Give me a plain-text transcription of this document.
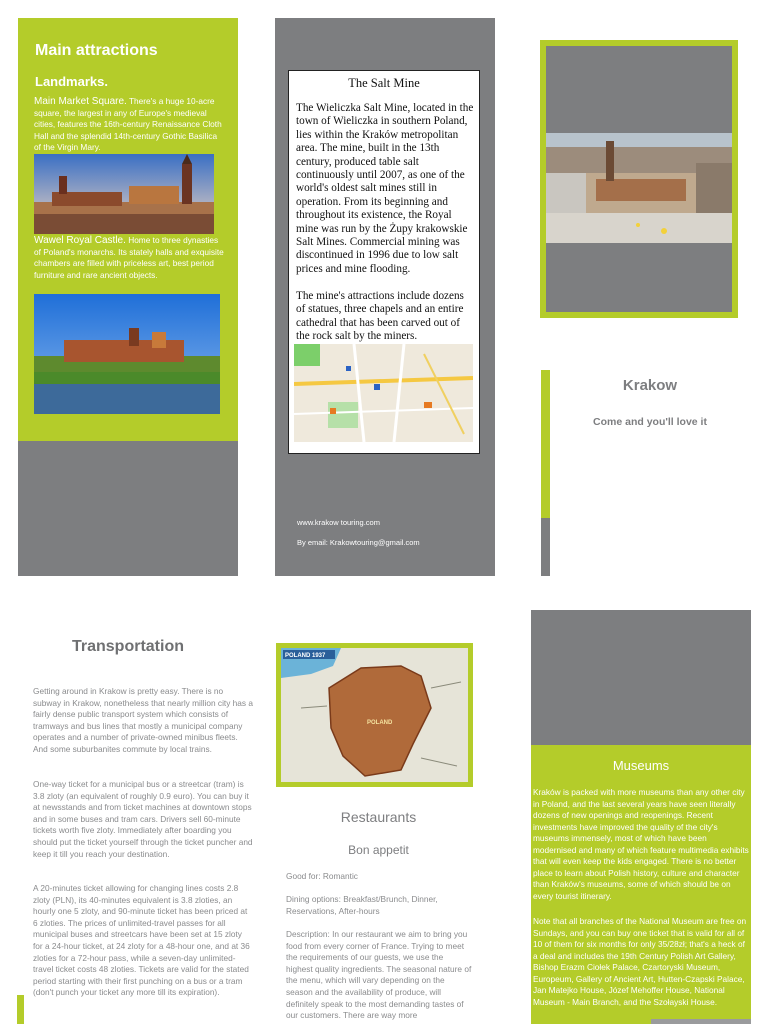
Main attractions
Landmarks.
Main Market Square. There's a huge 10-acre square, the largest in any of Europe's medieval cities, features the 16th-century Renaissance Cloth Hall and the splendid 14th-century Gothic Basilica of the Virgin Mary.
Wawel Royal Castle. Home to three dynasties of Poland's monarchs. Its stately halls and exquisite chambers are filled with priceless art, best period furniture and rare ancient objects.
The Salt Mine
The Wieliczka Salt Mine, located in the town of Wieliczka in southern Poland, lies within the Kraków metropolitan area. The mine, built in the 13th century, produced table salt continuously until 2007, as one of the world's oldest salt mines still in operation. From its beginning and throughout its existence, the Royal mine was run by the Żupy krakowskie Salt Mines. Commercial mining was discontinued in 1996 due to low salt prices and mine flooding.
The mine's attractions include dozens of statues, three chapels and an entire cathedral that has been carved out of the rock salt by the miners.
www.krakow touring.com
By email: Krakowtouring@gmail.com
Krakow
Come and you'll love it
Transportation
Getting around in Krakow is pretty easy. There is no subway in Krakow, nonetheless that nearly million city has a fairly dense public transport system which consists of tramways and bus lines that mostly a municipal company operates and a number of private-owned minibus fleets. And some suburbanites commute by local trains.
One-way ticket for a municipal bus or a streetcar (tram) is 3.8 zloty (an equivalent of roughly 0.9 euro). You can buy it at newsstands and from ticket machines at downtown stops and in some buses and tram cars. Drivers sell 60-minute tickets worth five zloty. Immediately after boarding you should put the ticket yourself through the ticket puncher and keep it till you reach your destination.
A 20-minutes ticket allowing for changing lines costs 2.8 zloty (PLN), its 40-minutes equivalent is 3.8 zloties, an hourly one 5 zloty, and 90-minute ticket has been priced at 6 zloties. The prices of unlimited-travel passes for all municipal buses and streetcars have been set at 15 zloty for a 24-hour ticket, at 24 zloty for a 48-hour one, and at 36 zloties for a 72-hour pass, while a seven-day unlimited-travel ticket costs 48 zloties. Tickets are valid for the stated period starting with their first punching on a bus or a tram (don't punch your ticket any more till its expiration).
POLAND 1937
POLAND
Restaurants
Bon appetit
Good for: Romantic
Dining options: Breakfast/Brunch, Dinner, Reservations, After-hours
Description: In our restaurant we aim to bring you food from every corner of France. Trying to meet the requirements of our guests, we use the highest quality ingredients. The seasonal nature of the menu, which will vary depending on the season and the availability of produce, will definitely speak to the most demanding tastes of our customers. There are way more
Museums
Kraków is packed with more museums than any other city in Poland, and the last several years have seen literally dozens of new openings and reopenings. Recent investments have improved the quality of the city's museums immensely, most of which have been modernised and many of which feature multimedia exhibits that will even keep the kids engaged. There is no better place to learn about Polish history, culture and character than Kraków's museums, some of which should be on every tourist itinerary.
Note that all branches of the National Museum are free on Sundays, and you can buy one ticket that is valid for all of 10 of them for six months for only 35/28zł; that's a heck of a deal and includes the 19th Century Polish Art Gallery, Bishop Erazm Ciołek Palace, Czartoryski Museum, Europeum, Gallery of Ancient Art, Hutten-Czapski Palace, Jan Matejko House, Józef Mehoffer House, National Museum - Main Branch, and the Szołayski House.
